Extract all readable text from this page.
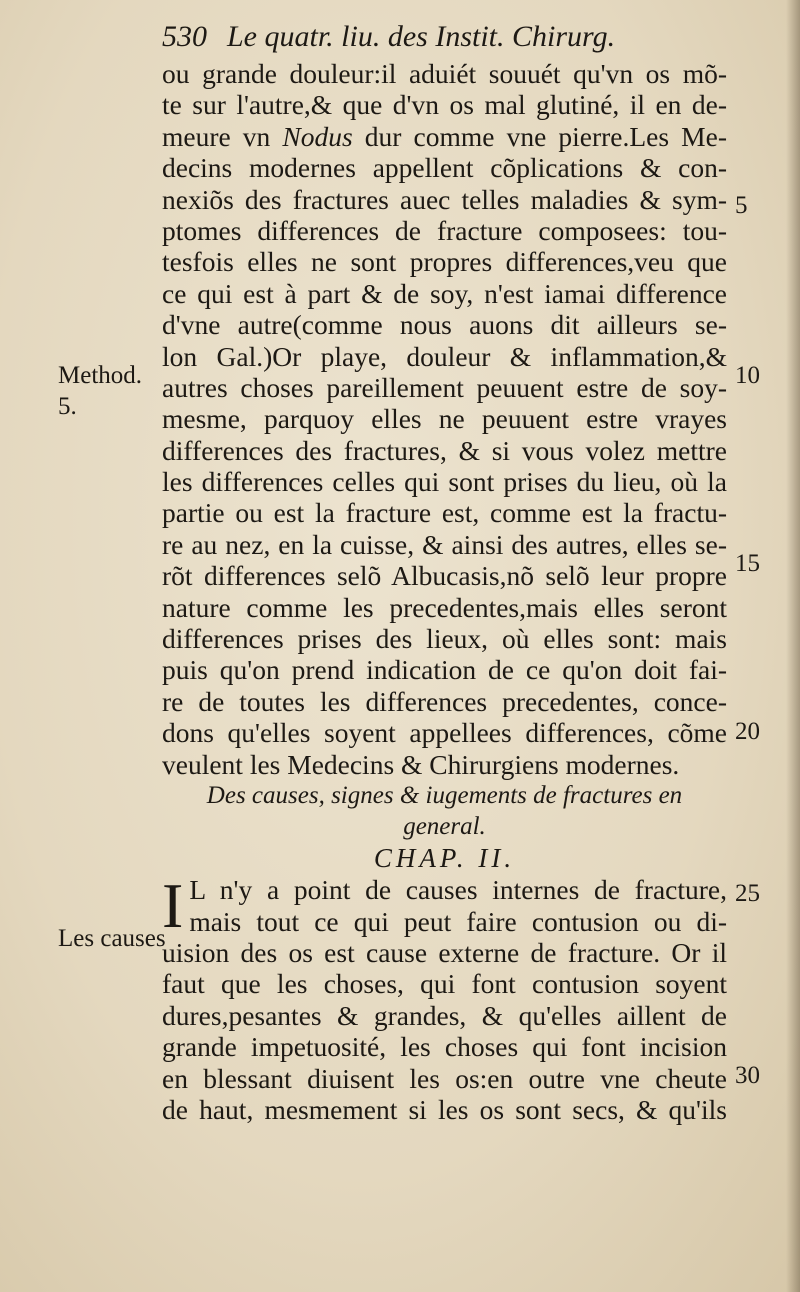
530 Le quatr. liu. des Instit. Chirurg.
ou grande douleur:il aduiét souuét qu'vn os mõ-
te sur l'autre,& que d'vn os mal glutiné, il en de-
meure vn Nodus dur comme vne pierre.Les Me-
decins modernes appellent cõplications & con-
nexiõs des fractures auec telles maladies & sym-
ptomes differences de fracture composees: tou-
tesfois elles ne sont propres differences,veu que
ce qui est à part & de soy, n'est iamai difference
d'vne autre(comme nous auons dit ailleurs se-
lon Gal.)Or playe, douleur & inflammation,&
autres choses pareillement peuuent estre de soy-
mesme, parquoy elles ne peuuent estre vrayes
differences des fractures, & si vous volez mettre
les differences celles qui sont prises du lieu, où la
partie ou est la fracture est, comme est la fractu-
re au nez, en la cuisse, & ainsi des autres, elles se-
rõt differences selõ Albucasis,nõ selõ leur propre
nature comme les precedentes,mais elles seront
differences prises des lieux, où elles sont: mais
puis qu'on prend indication de ce qu'on doit fai-
re de toutes les differences precedentes, conce-
dons qu'elles soyent appellees differences, cõme
veulent les Medecins & Chirurgiens modernes.
Des causes, signes & iugements de fractures en
general.
CHAP. II.
I L n'y a point de causes internes de fracture,
mais tout ce qui peut faire contusion ou di-
uision des os est cause externe de fracture. Or il
faut que les choses, qui font contusion soyent
dures,pesantes & grandes, & qu'elles aillent de
grande impetuosité, les choses qui font incision
en blessant diuisent les os:en outre vne cheute
de haut, mesmement si les os sont secs, & qu'ils
Method.
5.
Les causes
5
10
15
20
25
30
